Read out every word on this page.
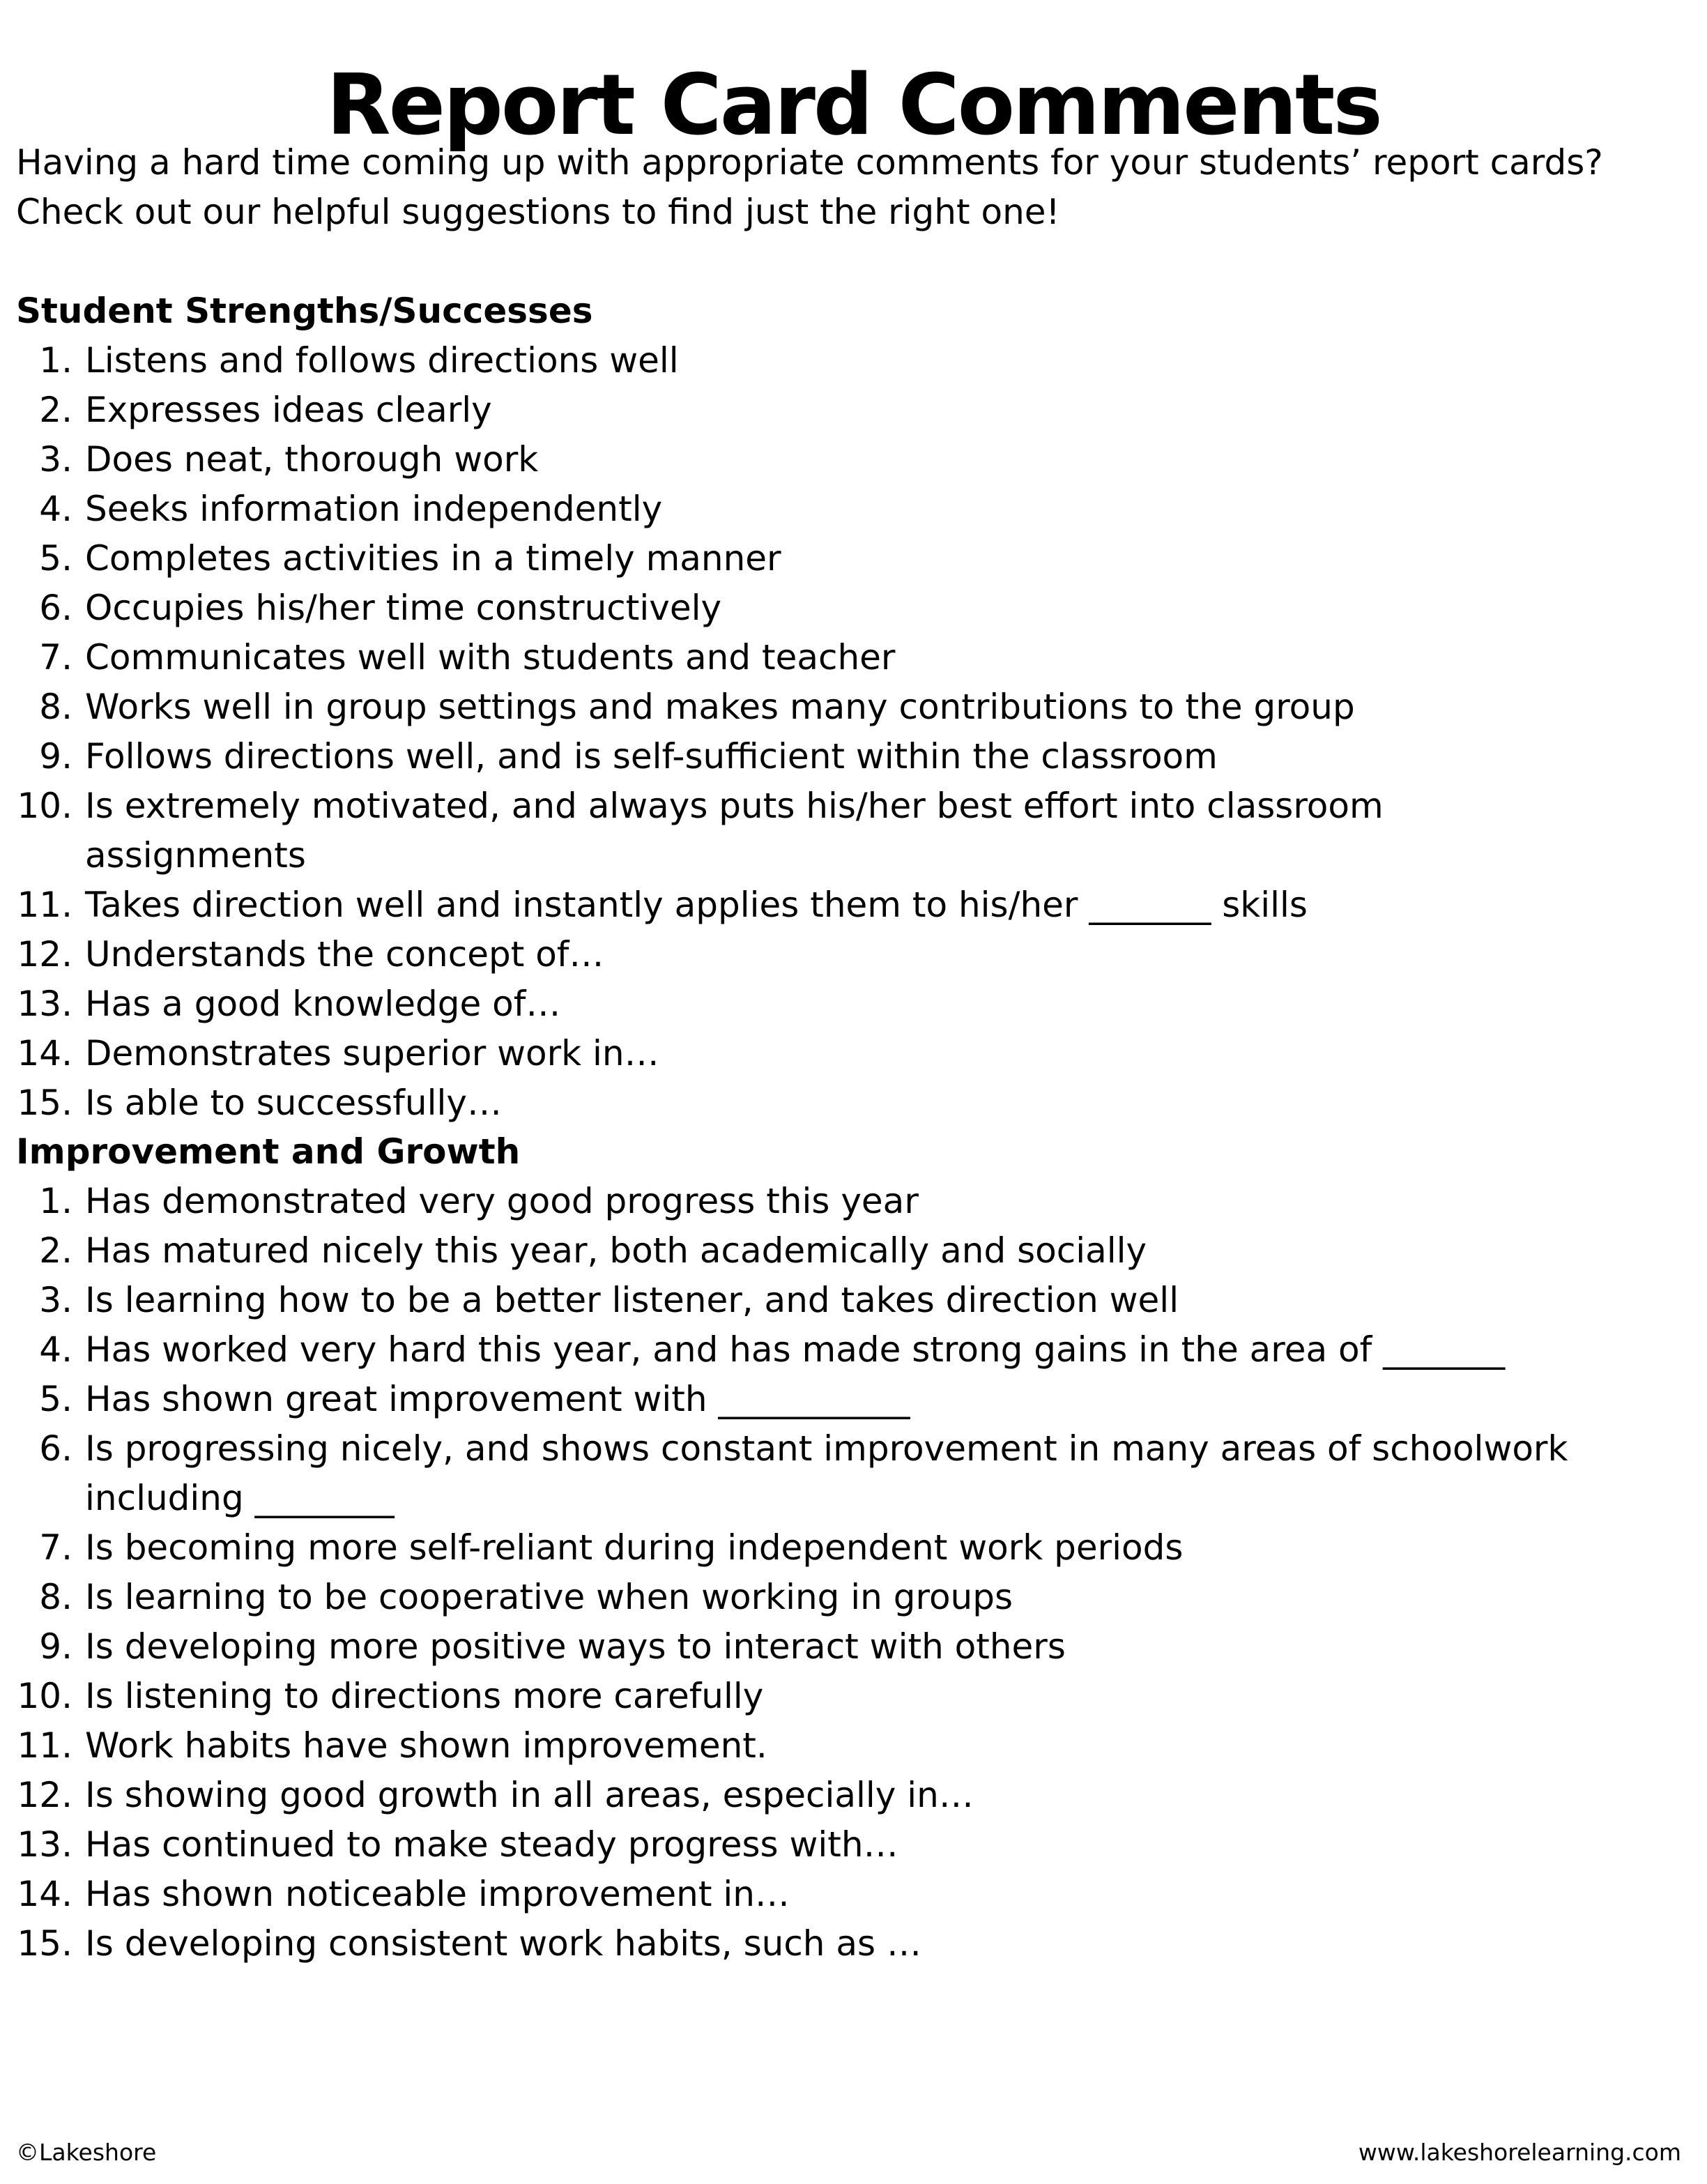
Report Card Comments

Having a hard time coming up with appropriate comments for your students’ report cards? Check out our helpful suggestions to find just the right one!

Student Strengths/Successes
1. Listens and follows directions well
2. Expresses ideas clearly
3. Does neat, thorough work
4. Seeks information independently
5. Completes activities in a timely manner
6. Occupies his/her time constructively
7. Communicates well with students and teacher
8. Works well in group settings and makes many contributions to the group
9. Follows directions well, and is self-sufficient within the classroom
10. Is extremely motivated, and always puts his/her best effort into classroom assignments
11. Takes direction well and instantly applies them to his/her _______ skills
12. Understands the concept of…
13. Has a good knowledge of…
14. Demonstrates superior work in…
15. Is able to successfully…
Improvement and Growth
1. Has demonstrated very good progress this year
2. Has matured nicely this year, both academically and socially
3. Is learning how to be a better listener, and takes direction well
4. Has worked very hard this year, and has made strong gains in the area of _______
5. Has shown great improvement with ___________
6. Is progressing nicely, and shows constant improvement in many areas of schoolwork including ________
7. Is becoming more self-reliant during independent work periods
8. Is learning to be cooperative when working in groups
9. Is developing more positive ways to interact with others
10. Is listening to directions more carefully
11. Work habits have shown improvement.
12. Is showing good growth in all areas, especially in…
13. Has continued to make steady progress with…
14. Has shown noticeable improvement in…
15. Is developing consistent work habits, such as …
©Lakeshore	www.lakeshorelearning.com
